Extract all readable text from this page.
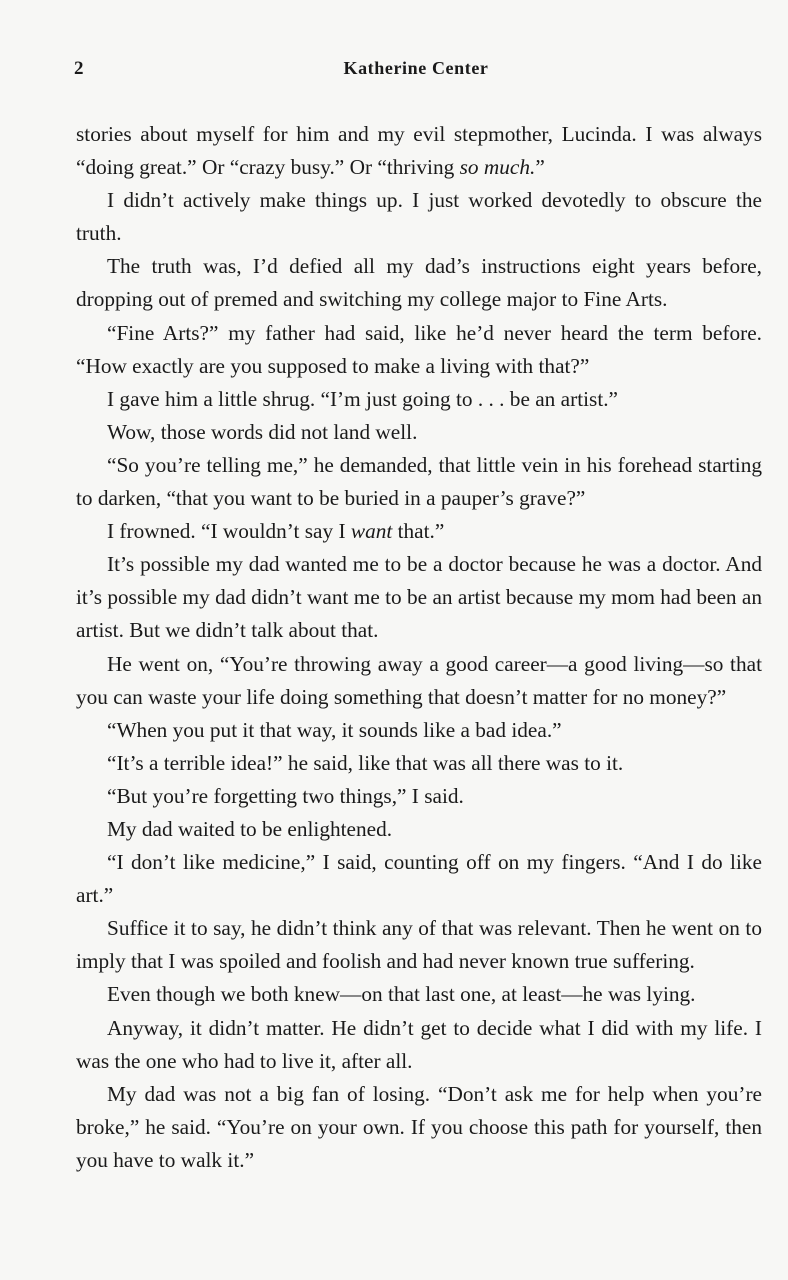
2	Katherine Center

stories about myself for him and my evil stepmother, Lucinda. I was always “doing great.” Or “crazy busy.” Or “thriving so much.”

I didn’t actively make things up. I just worked devotedly to obscure the truth.

The truth was, I’d defied all my dad’s instructions eight years before, dropping out of premed and switching my college major to Fine Arts.

“Fine Arts?” my father had said, like he’d never heard the term before. “How exactly are you supposed to make a living with that?”

I gave him a little shrug. “I’m just going to . . . be an artist.”

Wow, those words did not land well.

“So you’re telling me,” he demanded, that little vein in his forehead starting to darken, “that you want to be buried in a pauper’s grave?”

I frowned. “I wouldn’t say I want that.”

It’s possible my dad wanted me to be a doctor because he was a doctor. And it’s possible my dad didn’t want me to be an artist because my mom had been an artist. But we didn’t talk about that.

He went on, “You’re throwing away a good career—a good living—so that you can waste your life doing something that doesn’t matter for no money?”

“When you put it that way, it sounds like a bad idea.”

“It’s a terrible idea!” he said, like that was all there was to it.

“But you’re forgetting two things,” I said.

My dad waited to be enlightened.

“I don’t like medicine,” I said, counting off on my fingers. “And I do like art.”

Suffice it to say, he didn’t think any of that was relevant. Then he went on to imply that I was spoiled and foolish and had never known true suffering.

Even though we both knew—on that last one, at least—he was lying.

Anyway, it didn’t matter. He didn’t get to decide what I did with my life. I was the one who had to live it, after all.

My dad was not a big fan of losing. “Don’t ask me for help when you’re broke,” he said. “You’re on your own. If you choose this path for yourself, then you have to walk it.”
